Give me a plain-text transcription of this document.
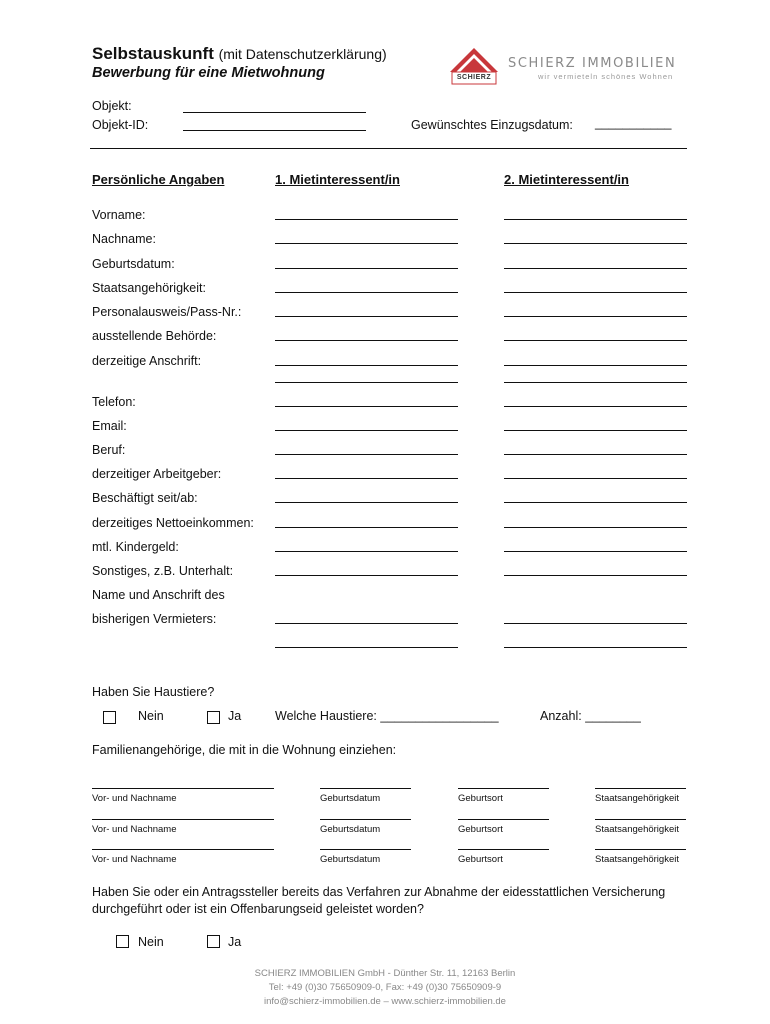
Selbstauskunft (mit Datenschutzerklärung)
Bewerbung für eine Mietwohnung	SCHIERZ
SCHIERZ IMMOBILIEN
wir vermieteln schönes Wohnen
Objekt:
Objekt-ID:	Gewünschtes Einzugsdatum: ___________
Persönliche Angaben	1. Mietinteressent/in	2. Mietinteressent/in
Vorname:
Nachname:
Geburtsdatum:
Staatsangehörigkeit:
Personalausweis/Pass-Nr.:
ausstellende Behörde:
derzeitige Anschrift:
Telefon:
Email:
Beruf:
derzeitiger Arbeitgeber:
Beschäftigt seit/ab:
derzeitiges Nettoeinkommen:
mtl. Kindergeld:
Sonstiges, z.B. Unterhalt:
Name und Anschrift des
bisherigen Vermieters:
Haben Sie Haustiere?
Nein	Ja	Welche Haustiere: _________________	Anzahl: ________
Familienangehörige, die mit in die Wohnung einziehen:
Vor- und Nachname	Geburtsdatum	Geburtsort	Staatsangehörigkeit
Vor- und Nachname	Geburtsdatum	Geburtsort	Staatsangehörigkeit
Vor- und Nachname	Geburtsdatum	Geburtsort	Staatsangehörigkeit
Haben Sie oder ein Antragssteller bereits das Verfahren zur Abnahme der eidesstattlichen Versicherung
durchgeführt oder ist ein Offenbarungseid geleistet worden?
Nein	Ja
SCHIERZ IMMOBILIEN GmbH - Dünther Str. 11, 12163 Berlin
Tel: +49 (0)30 75650909-0, Fax: +49 (0)30 75650909-9
info@schierz-immobilien.de – www.schierz-immobilien.de
